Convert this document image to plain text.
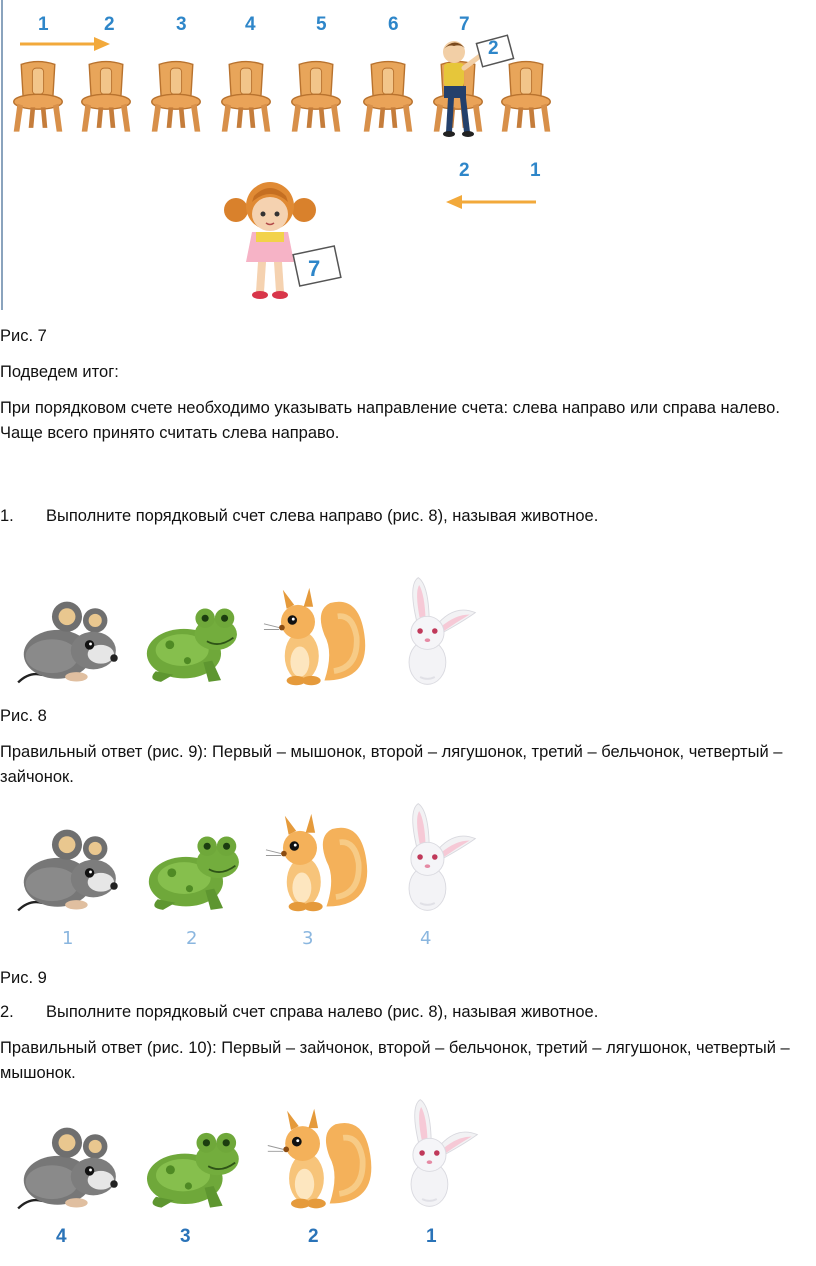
1	2	3	4	5	6	7
2
2	1
7
Рис. 7
Подведем итог:
При порядковом счете необходимо указывать направление счета: слева направо или справа налево. Чаще всего принято считать слева направо.
1. Выполните порядковый счет слева направо (рис. 8), называя животное.
Рис. 8
Правильный ответ (рис. 9): Первый – мышонок, второй – лягушонок, третий – бельчонок, четвертый – зайчонок.
1	2	3	4
Рис. 9
2. Выполните порядковый счет справа налево (рис. 8), называя животное.
Правильный ответ (рис. 10): Первый – зайчонок, второй – бельчонок, третий – лягушонок, четвертый – мышонок.
4	3	2	1
